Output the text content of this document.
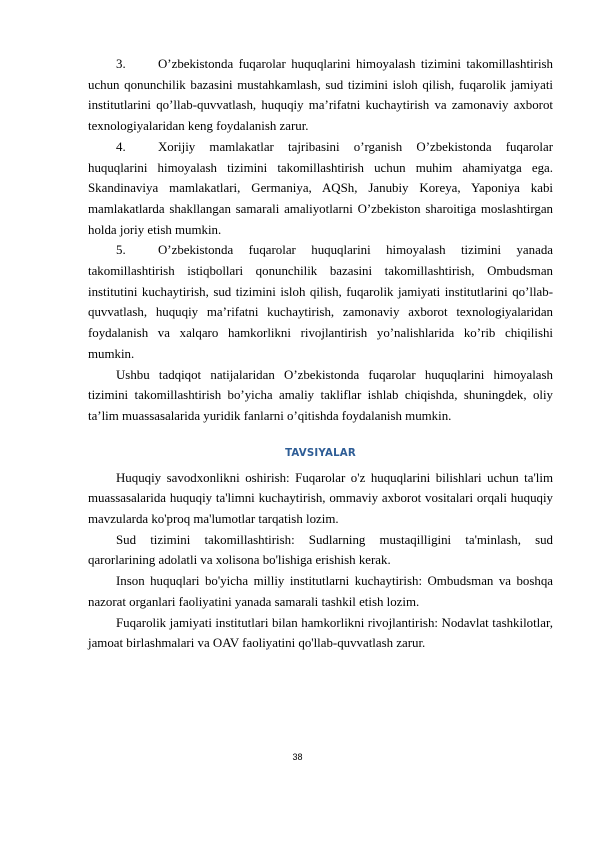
3.	O’zbekistonda fuqarolar huquqlarini himoyalash tizimini takomillashtirish uchun qonunchilik bazasini mustahkamlash, sud tizimini isloh qilish, fuqarolik jamiyati institutlarini qo’llab-quvvatlash, huquqiy ma’rifatni kuchaytirish va zamonaviy axborot texnologiyalaridan keng foydalanish zarur.

4.	Xorijiy mamlakatlar tajribasini o’rganish O’zbekistonda fuqarolar huquqlarini himoyalash tizimini takomillashtirish uchun muhim ahamiyatga ega. Skandinaviya mamlakatlari, Germaniya, AQSh, Janubiy Koreya, Yaponiya kabi mamlakatlarda shakllangan samarali amaliyotlarni O’zbekiston sharoitiga moslashtirgan holda joriy etish mumkin.

5.	O’zbekistonda fuqarolar huquqlarini himoyalash tizimini yanada takomillashtirish istiqbollari qonunchilik bazasini takomillashtirish, Ombudsman institutini kuchaytirish, sud tizimini isloh qilish, fuqarolik jamiyati institutlarini qo’llab-quvvatlash, huquqiy ma’rifatni kuchaytirish, zamonaviy axborot texnologiyalaridan foydalanish va xalqaro hamkorlikni rivojlantirish yo’nalishlarida ko’rib chiqilishi mumkin.

Ushbu tadqiqot natijalaridan O’zbekistonda fuqarolar huquqlarini himoyalash tizimini takomillashtirish bo’yicha amaliy takliflar ishlab chiqishda, shuningdek, oliy ta’lim muassasalarida yuridik fanlarni o’qitishda foydalanish mumkin.

TAVSIYALAR

Huquqiy savodxonlikni oshirish: Fuqarolar o'z huquqlarini bilishlari uchun ta'lim muassasalarida huquqiy ta'limni kuchaytirish, ommaviy axborot vositalari orqali huquqiy mavzularda ko'proq ma'lumotlar tarqatish lozim.

Sud tizimini takomillashtirish: Sudlarning mustaqilligini ta'minlash, sud qarorlarining adolatli va xolisona bo'lishiga erishish kerak.

Inson huquqlari bo'yicha milliy institutlarni kuchaytirish: Ombudsman va boshqa nazorat organlari faoliyatini yanada samarali tashkil etish lozim.

Fuqarolik jamiyati institutlari bilan hamkorlikni rivojlantirish: Nodavlat tashkilotlar, jamoat birlashmalari va OAV faoliyatini qo'llab-quvvatlash zarur.

38
